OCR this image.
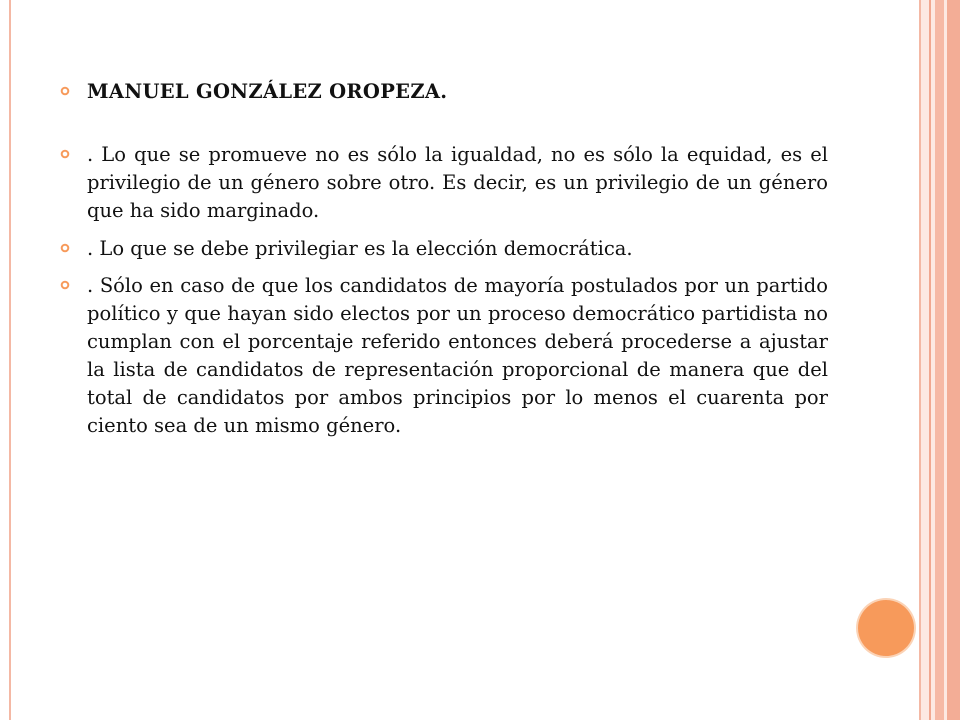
MANUEL GONZÁLEZ OROPEZA.
. Lo que se promueve no es sólo la igualdad, no es sólo la equidad, es el privilegio de un género sobre otro. Es decir, es un privilegio de un género que ha sido marginado.
. Lo que se debe privilegiar es la elección democrática.
. Sólo en caso de que los candidatos de mayoría postulados por un partido político y que hayan sido electos por un proceso democrático partidista no cumplan con el porcentaje referido entonces deberá procederse a ajustar la lista de candidatos de representación proporcional de manera que del total de candidatos por ambos principios por lo menos el cuarenta por ciento sea de un mismo género.
